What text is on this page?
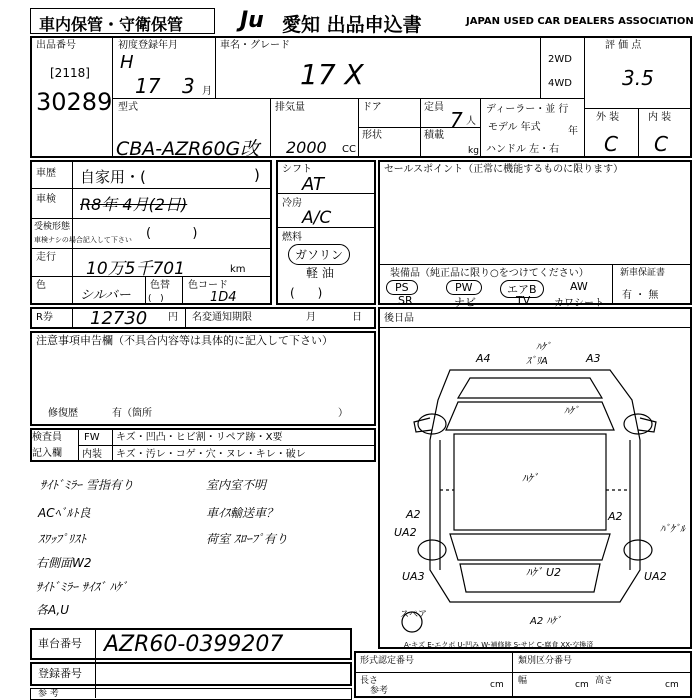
車内保管・守衛保管	Ju 愛知 出品申込書	JAPAN USED CAR DEALERS ASSOCIATION
出品番号
[2118]
30289
初度登録年月
H
17 3 月
車名・グレード
17 X	2WD
4WD
評 価 点
3.5
外 装	内 装
C C
型式
CBA-AZR60G改
排気量
2000 CC
ドア
形状
定員
7 人
積載
kg
ディーラー・並 行
モデル 年式	年
ハンドル 左・右
車歴 自家用・(	)
車検 R8年 4月(2日)
受検形態
車検ナシの場合記入して下さい (          )
走行
10万5千701	km
色
シルバー
色替
(   )
色コード
1D4
シフト
AT
冷房
A/C
燃料
ガソリン
軽 油
(      )
セールスポイント（正常に機能するものに限ります）
装備品（純正品に限り○をつけてください）
PS	PW	エアB	AW
SR	ナビ	TV カワシート
新車保証書
有 ・ 無
R券 12730 円 名変通知期限	月	日
注意事項申告欄（不具合内容等は具体的に記入して下さい）
修復歴	有（箇所	）
検査員
記入欄
FW キズ・凹凸・ヒビ割・リペア跡・X要
内装 キズ・汚レ・コゲ・穴・ヌレ・キレ・破レ
ｻｲﾄﾞﾐﾗｰ 雪指有り	室内室不明
ACﾍﾞﾙﾄ良	車ｲｽ輸送車？
ｽﾜｯﾌﾟﾘｽﾄ	荷室 ｽﾛｰﾌﾟ有り
右側面W2
ｻｲﾄﾞﾐﾗｰ ｻｲｽﾞ ﾊｹﾞ
各A,U
後日品
A4	A3
ﾊｹﾞ
ｽﾞﾘA
A2
UA2
ﾊｹﾞ
ﾊｹﾞ
ﾊﾞｹﾞﾙ
UA3	UA2
ﾊｹﾞ U2
A2 ﾊｹﾞ
A2
スペア
A-キズ E-エクボ U-凹み W-補修跡 S-サビ C-腐食 XX-交換済
車台番号 AZR60-0399207
登録番号
参 考
形式認定番号	類別区分番号
長さ	cm 幅	cm 高さ	cm
参考
